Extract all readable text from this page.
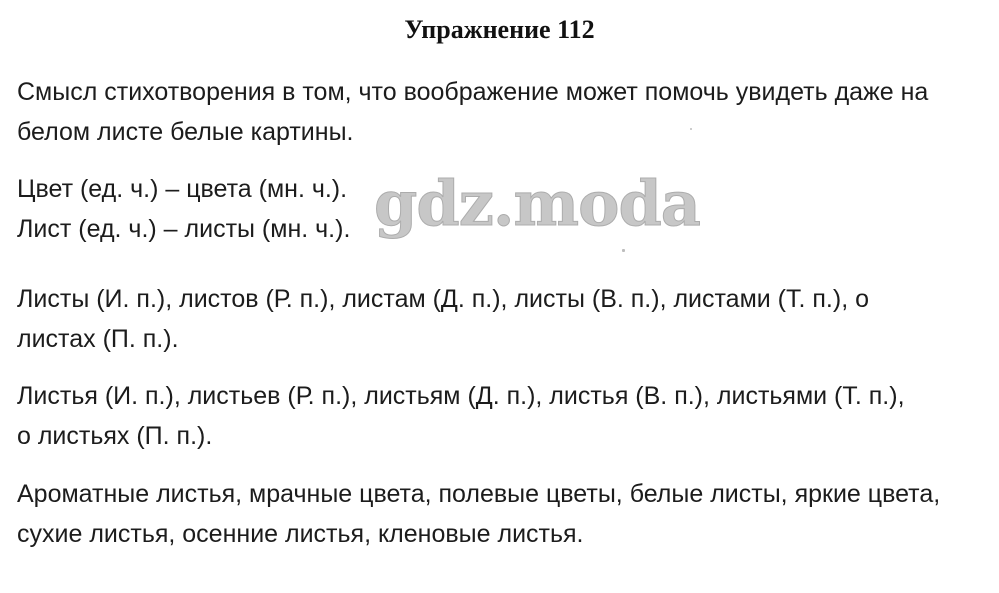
Упражнение 112
Смысл стихотворения в том, что воображение может помочь увидеть даже на
белом листе белые картины.
Цвет (ед. ч.) – цвета (мн. ч.).
Лист (ед. ч.) – листы (мн. ч.).
Листы (И. п.), листов (Р. п.), листам (Д. п.), листы (В. п.), листами (Т. п.), о
листах (П. п.).
Листья (И. п.), листьев (Р. п.), листьям (Д. п.), листья (В. п.), листьями (Т. п.),
о листьях (П. п.).
Ароматные листья, мрачные цвета, полевые цветы, белые листы, яркие цвета,
сухие листья, осенние листья, кленовые листья.
gdz.moda
